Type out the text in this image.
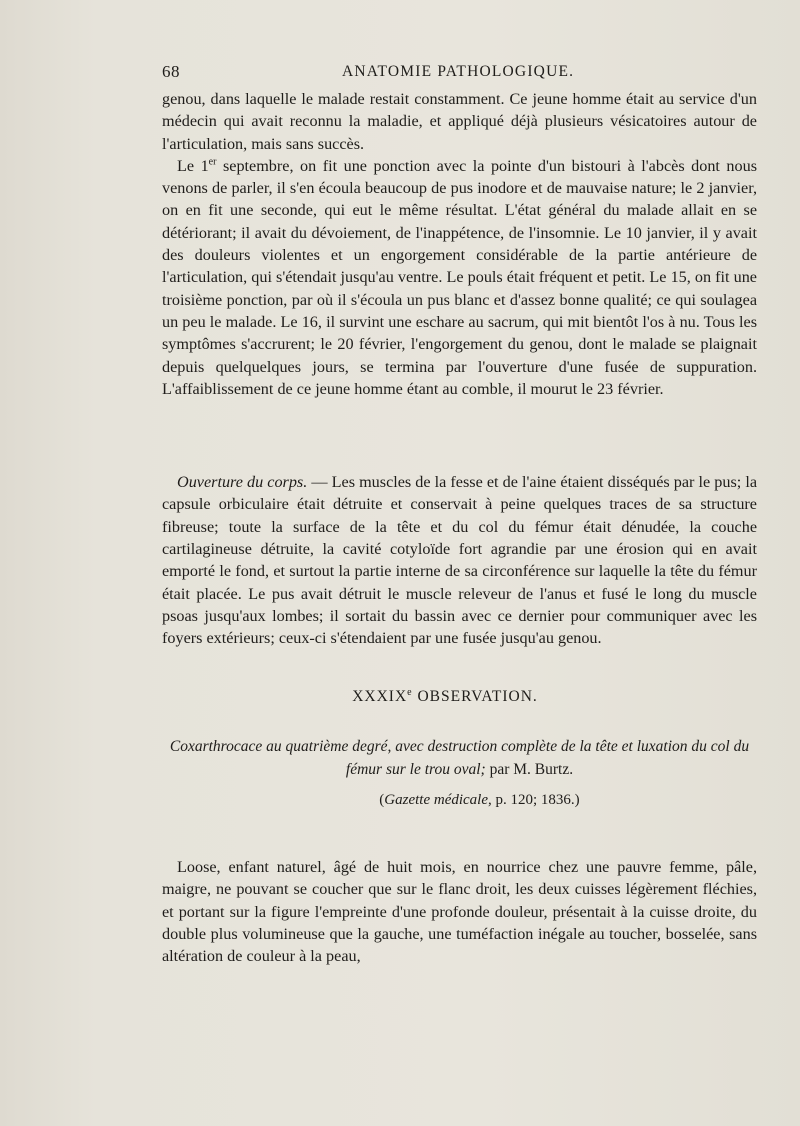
68	ANATOMIE PATHOLOGIQUE.

genou, dans laquelle le malade restait constamment. Ce jeune homme était au service d'un médecin qui avait reconnu la maladie, et appliqué déjà plusieurs vésicatoires autour de l'articulation, mais sans succès.

Le 1er septembre, on fit une ponction avec la pointe d'un bistouri à l'abcès dont nous venons de parler, il s'en écoula beaucoup de pus inodore et de mauvaise nature; le 2 janvier, on en fit une seconde, qui eut le même résultat. L'état général du malade allait en se détériorant; il avait du dévoiement, de l'inappétence, de l'insomnie. Le 10 janvier, il y avait des douleurs violentes et un engorgement considérable de la partie antérieure de l'articulation, qui s'étendait jusqu'au ventre. Le pouls était fréquent et petit. Le 15, on fit une troisième ponction, par où il s'écoula un pus blanc et d'assez bonne qualité; ce qui soulagea un peu le malade. Le 16, il survint une eschare au sacrum, qui mit bientôt l'os à nu. Tous les symptômes s'accrurent; le 20 février, l'engorgement du genou, dont le malade se plaignait depuis quelquelques jours, se termina par l'ouverture d'une fusée de suppuration. L'affaiblissement de ce jeune homme étant au comble, il mourut le 23 février.

Ouverture du corps. — Les muscles de la fesse et de l'aine étaient disséqués par le pus; la capsule orbiculaire était détruite et conservait à peine quelques traces de sa structure fibreuse; toute la surface de la tête et du col du fémur était dénudée, la couche cartilagineuse détruite, la cavité cotyloïde fort agrandie par une érosion qui en avait emporté le fond, et surtout la partie interne de sa circonférence sur laquelle la tête du fémur était placée. Le pus avait détruit le muscle releveur de l'anus et fusé le long du muscle psoas jusqu'aux lombes; il sortait du bassin avec ce dernier pour communiquer avec les foyers extérieurs; ceux-ci s'étendaient par une fusée jusqu'au genou.

XXXIXe OBSERVATION.
Coxarthrocace au quatrième degré, avec destruction complète de la tête et luxation du col du fémur sur le trou oval; par M. Burtz.
(Gazette médicale, p. 120; 1836.)

Loose, enfant naturel, âgé de huit mois, en nourrice chez une pauvre femme, pâle, maigre, ne pouvant se coucher que sur le flanc droit, les deux cuisses légèrement fléchies, et portant sur la figure l'empreinte d'une profonde douleur, présentait à la cuisse droite, du double plus volumineuse que la gauche, une tuméfaction inégale au toucher, bosselée, sans altération de couleur à la peau,
